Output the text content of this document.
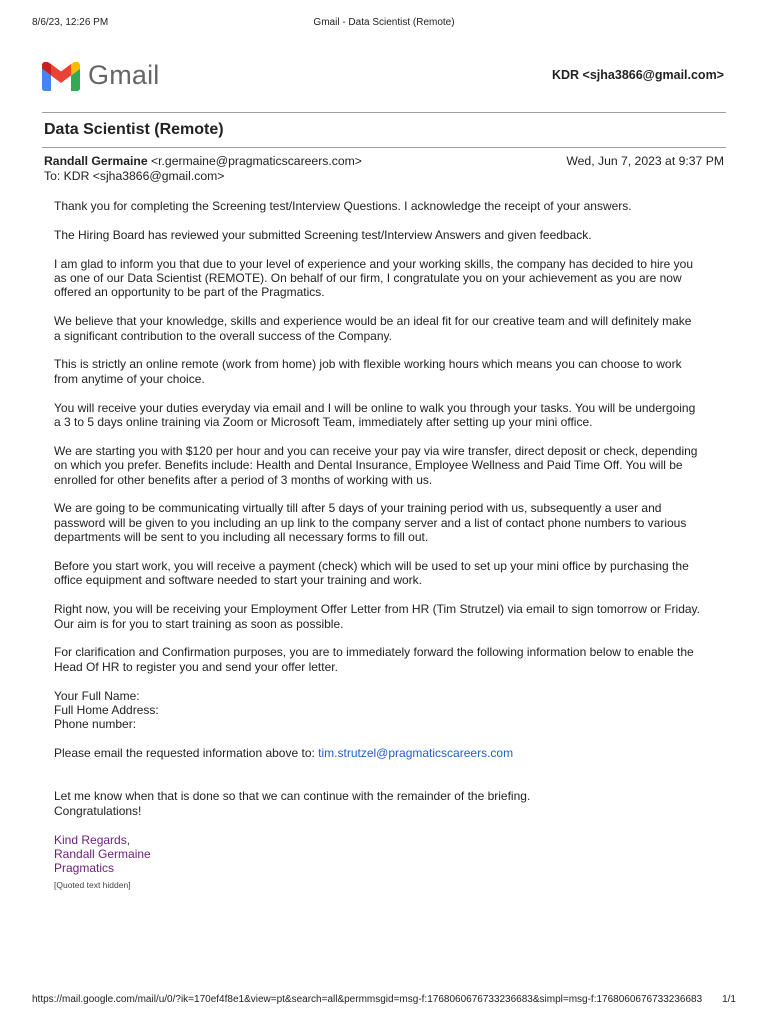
8/6/23, 12:26 PM	Gmail - Data Scientist (Remote)
Gmail	KDR <sjha3866@gmail.com>
Data Scientist (Remote)
Randall Germaine <r.germaine@pragmaticscareers.com>	Wed, Jun 7, 2023 at 9:37 PM
To: KDR <sjha3866@gmail.com>

Thank you for completing the Screening test/Interview Questions. I acknowledge the receipt of your answers.

The Hiring Board has reviewed your submitted Screening test/Interview Answers and given feedback.

I am glad to inform you that due to your level of experience and your working skills, the company has decided to hire you
as one of our Data Scientist (REMOTE). On behalf of our firm, I congratulate you on your achievement as you are now
offered an opportunity to be part of the Pragmatics.

We believe that your knowledge, skills and experience would be an ideal fit for our creative team and will definitely make
a significant contribution to the overall success of the Company.

This is strictly an online remote (work from home) job with flexible working hours which means you can choose to work
from anytime of your choice.

You will receive your duties everyday via email and I will be online to walk you through your tasks. You will be undergoing
a 3 to 5 days online training via Zoom or Microsoft Team, immediately after setting up your mini office.

We are starting you with $120 per hour and you can receive your pay via wire transfer, direct deposit or check, depending
on which you prefer. Benefits include: Health and Dental Insurance, Employee Wellness and Paid Time Off. You will be
enrolled for other benefits after a period of 3 months of working with us.

We are going to be communicating virtually till after 5 days of your training period with us, subsequently a user and
password will be given to you including an up link to the company server and a list of contact phone numbers to various
departments will be sent to you including all necessary forms to fill out.

Before you start work, you will receive a payment (check) which will be used to set up your mini office by purchasing the
office equipment and software needed to start your training and work.

Right now, you will be receiving your Employment Offer Letter from HR (Tim Strutzel) via email to sign tomorrow or Friday.
Our aim is for you to start training as soon as possible.

For clarification and Confirmation purposes, you are to immediately forward the following information below to enable the
Head Of HR to register you and send your offer letter.

Your Full Name:
Full Home Address:
Phone number:

Please email the requested information above to: tim.strutzel@pragmaticscareers.com

Let me know when that is done so that we can continue with the remainder of the briefing.
Congratulations!

Kind Regards,
Randall Germaine
Pragmatics
[Quoted text hidden]
https://mail.google.com/mail/u/0/?ik=170ef4f8e1&view=pt&search=all&permmsgid=msg-f:1768060676733236683&simpl=msg-f:1768060676733236683 1/1
